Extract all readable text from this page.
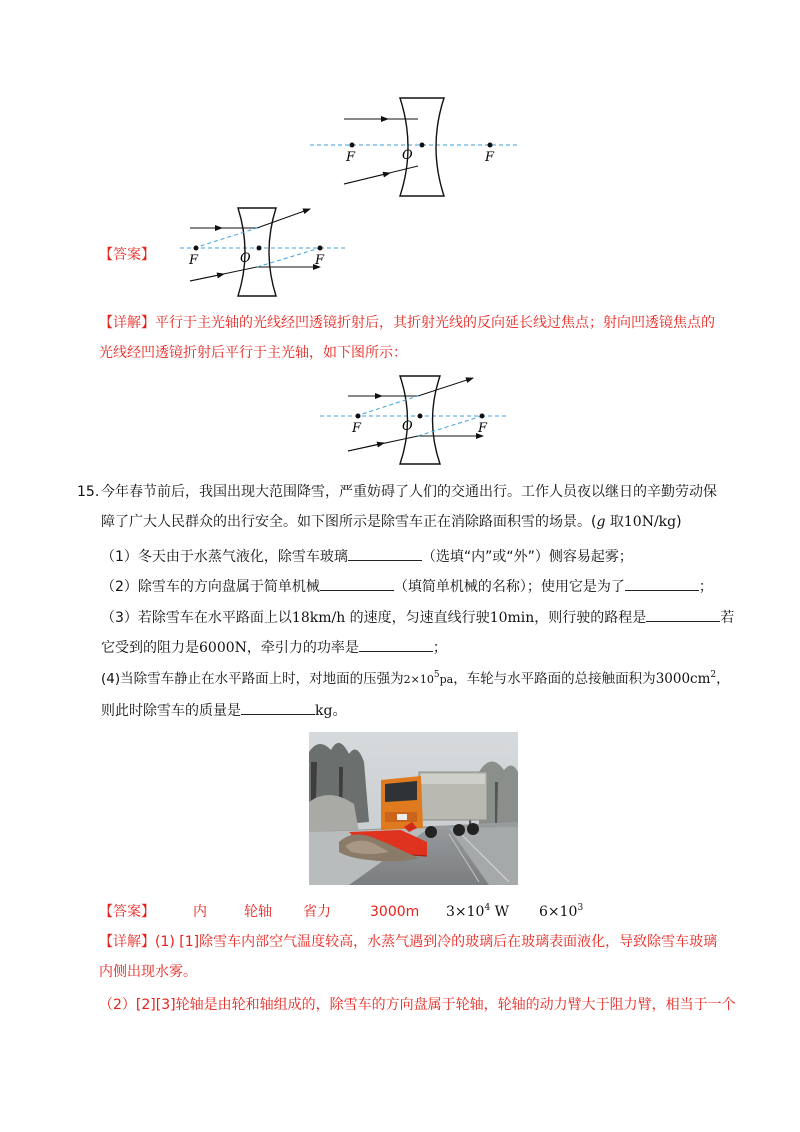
F	O	F
【答案】	F	O	F
【详解】平行于主光轴的光线经凹透镜折射后，其折射光线的反向延长线过焦点；射向凹透镜焦点的
光线经凹透镜折射后平行于主光轴，如下图所示：
F	O	F
15. 今年春节前后，我国出现大范围降雪，严重妨碍了人们的交通出行。工作人员夜以继日的辛勤劳动保
障了广大人民群众的出行安全。如下图所示是除雪车正在消除路面积雪的场景。(g 取10N/kg)
（1）冬天由于水蒸气液化，除雪车玻璃	（选填“内”或“外”）侧容易起雾；
（2）除雪车的方向盘属于简单机械	（填简单机械的名称）；使用它是为了	；
（3）若除雪车在水平路面上以18km/h 的速度，匀速直线行驶10min，则行驶的路程是	若
它受到的阻力是6000N，牵引力的功率是	；
(4)当除雪车静止在水平路面上时，对地面的压强为$2\times 10^5pa$，车轮与水平路面的总接触面积为$3000cm^2$，
则此时除雪车的质量是	kg。
【答案】	内	轮轴 省力	3000m $3\times 10^4$ W $6\times 10^3$
【详解】(1) [1]除雪车内部空气温度较高，水蒸气遇到冷的玻璃后在玻璃表面液化，导致除雪车玻璃
内侧出现水雾。
（2）[2][3]轮轴是由轮和轴组成的，除雪车的方向盘属于轮轴，轮轴的动力臂大于阻力臂，相当于一个
